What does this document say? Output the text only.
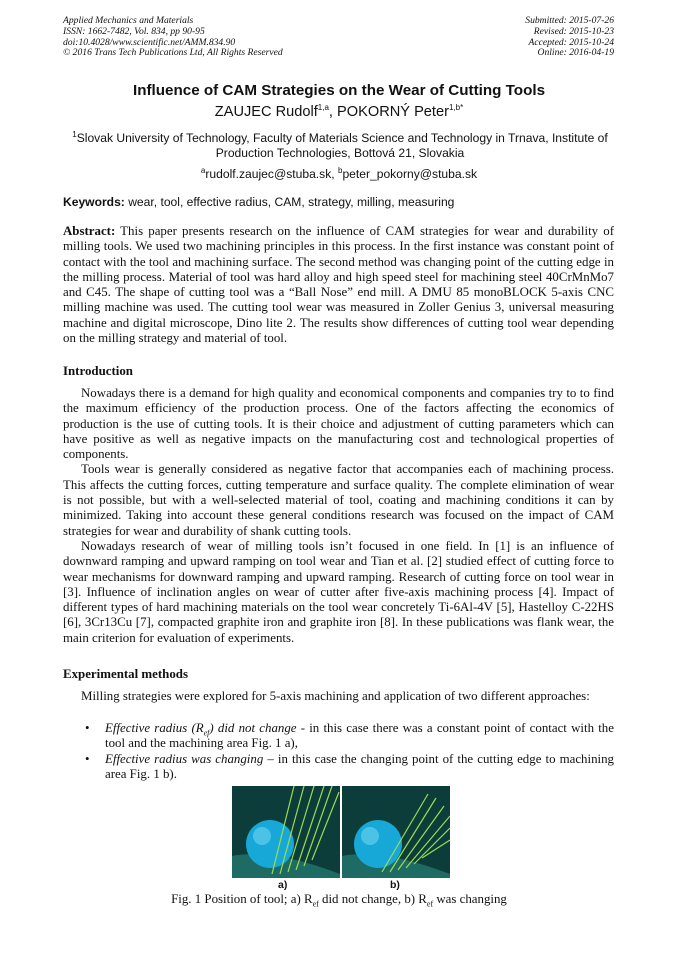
Applied Mechanics and Materials
ISSN: 1662-7482, Vol. 834, pp 90-95
doi:10.4028/www.scientific.net/AMM.834.90
© 2016 Trans Tech Publications Ltd, All Rights Reserved
Submitted: 2015-07-26
Revised: 2015-10-23
Accepted: 2015-10-24
Online: 2016-04-19
Influence of CAM Strategies on the Wear of Cutting Tools
ZAUJEC Rudolf$^{1,a}$, POKORNÝ Peter$^{1,b*}$
$^1$Slovak University of Technology, Faculty of Materials Science and Technology in Trnava, Institute of Production Technologies, Bottová 21, Slovakia
$^a$rudolf.zaujec@stuba.sk, $^b$peter_pokorny@stuba.sk
Keywords: wear, tool, effective radius, CAM, strategy, milling, measuring

Abstract: This paper presents research on the influence of CAM strategies for wear and durability of milling tools. We used two machining principles in this process. In the first instance was constant point of contact with the tool and machining surface. The second method was changing point of the cutting edge in the milling process. Material of tool was hard alloy and high speed steel for machining steel 40CrMnMo7 and C45. The shape of cutting tool was a “Ball Nose” end mill. A DMU 85 monoBLOCK 5-axis CNC milling machine was used. The cutting tool wear was measured in Zoller Genius 3, universal measuring machine and digital microscope, Dino lite 2. The results show differences of cutting tool wear depending on the milling strategy and material of tool.

Introduction

Nowadays there is a demand for high quality and economical components and companies try to to find the maximum efficiency of the production process. One of the factors affecting the economics of production is the use of cutting tools. It is their choice and adjustment of cutting parameters which can have positive as well as negative impacts on the manufacturing cost and technological properties of components.

Tools wear is generally considered as negative factor that accompanies each of machining process. This affects the cutting forces, cutting temperature and surface quality. The complete elimination of wear is not possible, but with a well-selected material of tool, coating and machining conditions it can by minimized. Taking into account these general conditions research was focused on the impact of CAM strategies for wear and durability of shank cutting tools.

Nowadays research of wear of milling tools isn’t focused in one field. In [1] is an influence of downward ramping and upward ramping on tool wear and Tian et al. [2] studied effect of cutting force to wear mechanisms for downward ramping and upward ramping. Research of cutting force on tool wear in [3]. Influence of inclination angles on wear of cutter after five-axis machining process [4]. Impact of different types of hard machining materials on the tool wear concretely Ti-6Al-4V [5], Hastelloy C-22HS [6], 3Cr13Cu [7], compacted graphite iron and graphite iron [8]. In these publications was flank wear, the main criterion for evaluation of experiments.

Experimental methods

Milling strategies were explored for 5-axis machining and application of two different approaches:

• Effective radius $(R_{ef})$ did not change - in this case there was a constant point of contact with the tool and the machining area Fig. 1 a),
• Effective radius was changing – in this case the changing point of the cutting edge to machining area Fig. 1 b).
a)	b)
Fig. 1 Position of tool; a) $R_{ef}$ did not change, b) $R_{ef}$ was changing
